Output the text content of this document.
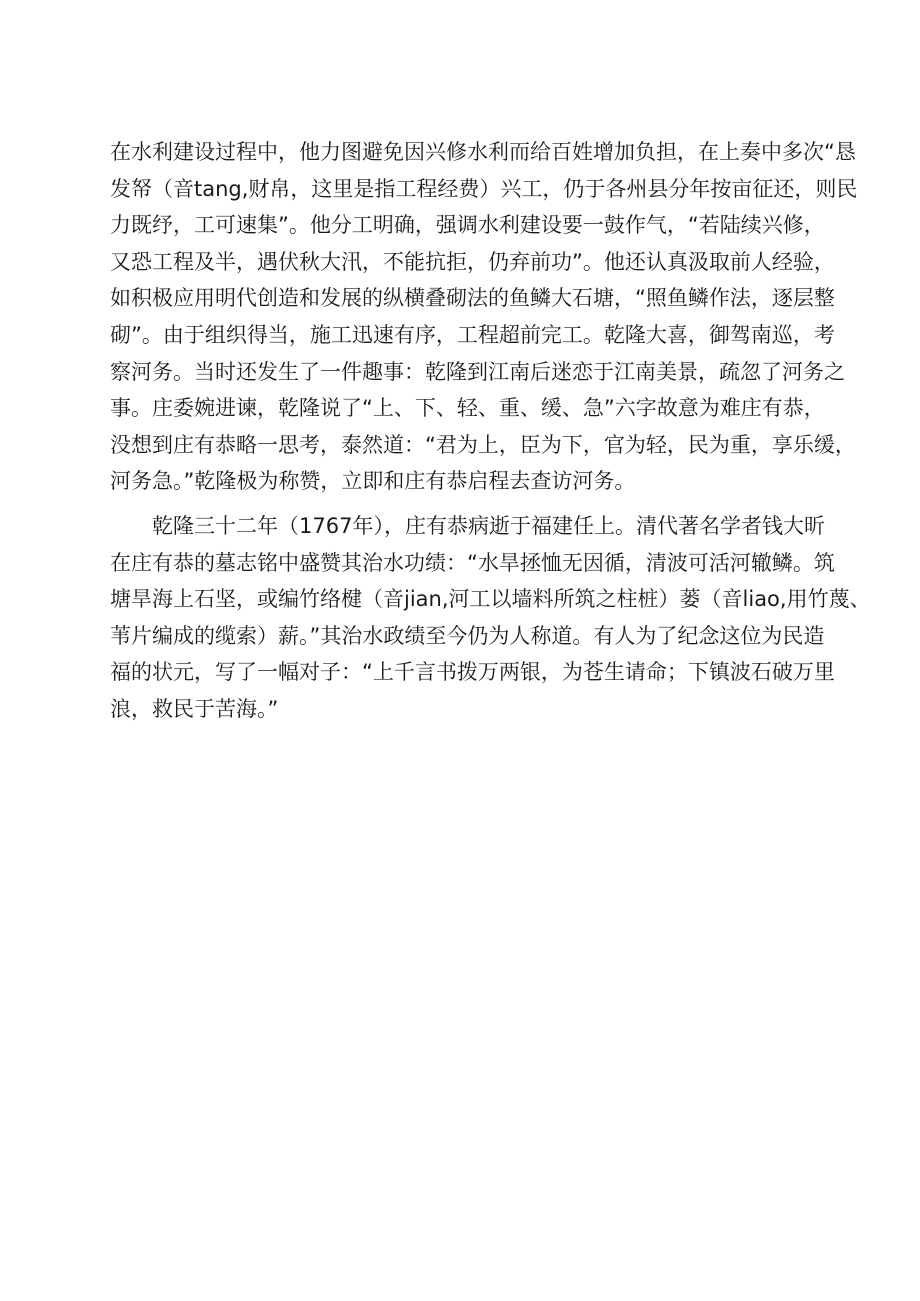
在水利建设过程中，他力图避免因兴修水利而给百姓增加负担，在上奏中多次“恳
发帑（音tang,财帛，这里是指工程经费）兴工，仍于各州县分年按亩征还，则民
力既纾，工可速集”。他分工明确，强调水利建设要一鼓作气，“若陆续兴修，
又恐工程及半，遇伏秋大汛，不能抗拒，仍弃前功”。他还认真汲取前人经验，
如积极应用明代创造和发展的纵横叠砌法的鱼鳞大石塘，“照鱼鳞作法，逐层整
砌”。由于组织得当，施工迅速有序，工程超前完工。乾隆大喜，御驾南巡，考
察河务。当时还发生了一件趣事：乾隆到江南后迷恋于江南美景，疏忽了河务之
事。庄委婉进谏，乾隆说了“上、下、轻、重、缓、急”六字故意为难庄有恭，
没想到庄有恭略一思考，泰然道：“君为上，臣为下，官为轻，民为重，享乐缓，
河务急。”乾隆极为称赞，立即和庄有恭启程去查访河务。
　　乾隆三十二年（1767年），庄有恭病逝于福建任上。清代著名学者钱大昕
在庄有恭的墓志铭中盛赞其治水功绩：“水旱拯恤无因循，清波可活河辙鳞。筑
塘旱海上石坚，或编竹络楗（音jian,河工以墙料所筑之柱桩）蒌（音liao,用竹蔑、
苇片编成的缆索）薪。”其治水政绩至今仍为人称道。有人为了纪念这位为民造
福的状元，写了一幅对子：“上千言书拨万两银，为苍生请命；下镇波石破万里
浪，救民于苦海。”
